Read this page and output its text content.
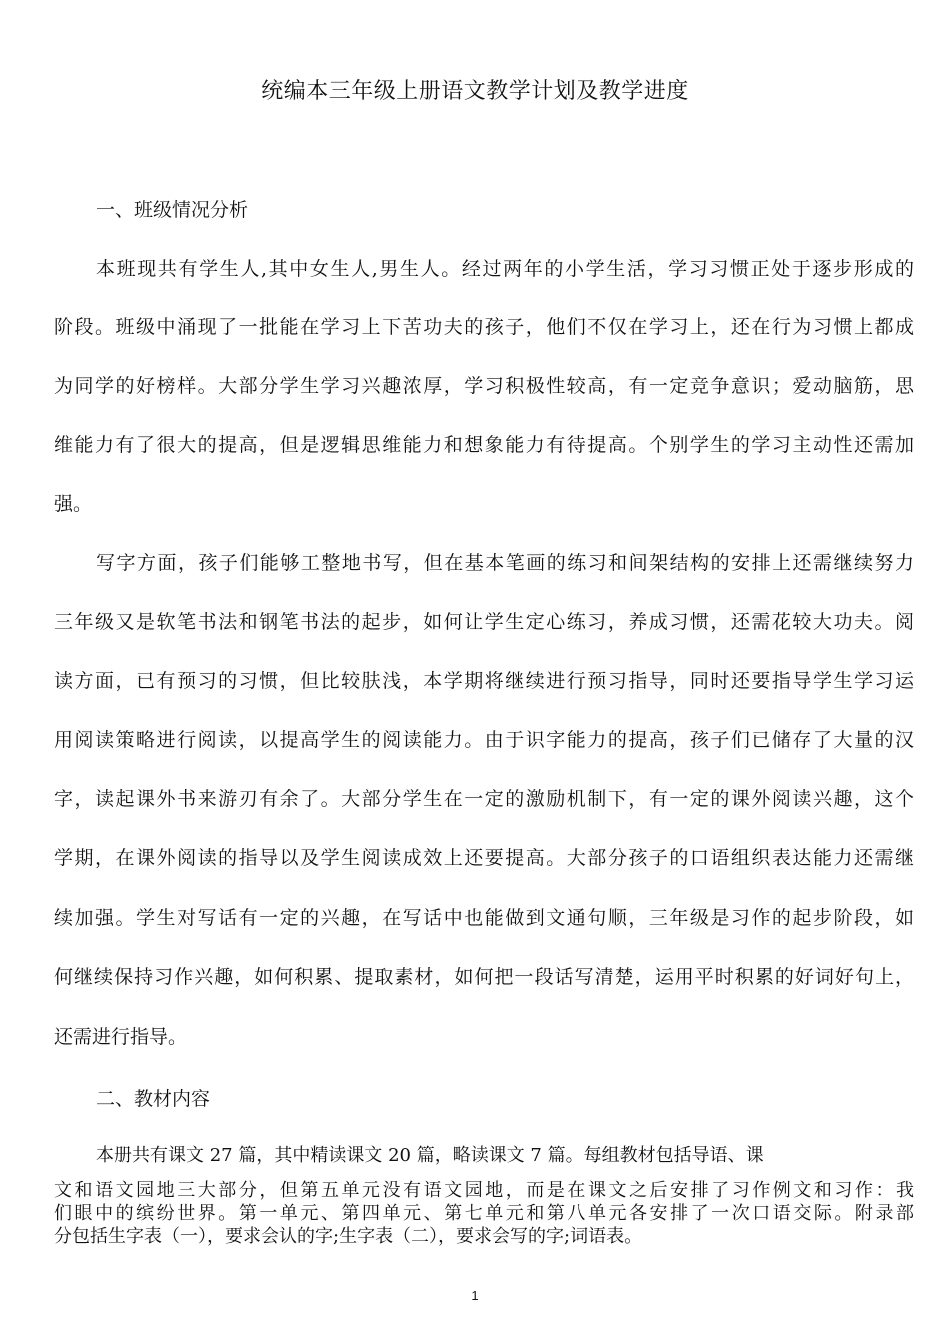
统编本三年级上册语文教学计划及教学进度
一、班级情况分析
本班现共有学生人,其中女生人,男生人。经过两年的小学生活，学习习惯正处于逐步形成的
阶段。班级中涌现了一批能在学习上下苦功夫的孩子，他们不仅在学习上，还在行为习惯上都成
为同学的好榜样。大部分学生学习兴趣浓厚，学习积极性较高，有一定竞争意识；爱动脑筋，思
维能力有了很大的提高，但是逻辑思维能力和想象能力有待提高。个别学生的学习主动性还需加
强。
写字方面，孩子们能够工整地书写，但在基本笔画的练习和间架结构的安排上还需继续努力
三年级又是软笔书法和钢笔书法的起步，如何让学生定心练习，养成习惯，还需花较大功夫。阅
读方面，已有预习的习惯，但比较肤浅，本学期将继续进行预习指导，同时还要指导学生学习运
用阅读策略进行阅读，以提高学生的阅读能力。由于识字能力的提高，孩子们已储存了大量的汉
字，读起课外书来游刃有余了。大部分学生在一定的激励机制下，有一定的课外阅读兴趣，这个
学期，在课外阅读的指导以及学生阅读成效上还要提高。大部分孩子的口语组织表达能力还需继
续加强。学生对写话有一定的兴趣，在写话中也能做到文通句顺，三年级是习作的起步阶段，如
何继续保持习作兴趣，如何积累、提取素材，如何把一段话写清楚，运用平时积累的好词好句上，
还需进行指导。
二、教材内容
本册共有课文 27 篇，其中精读课文 20 篇，略读课文 7 篇。每组教材包括导语、课
文和语文园地三大部分，但第五单元没有语文园地，而是在课文之后安排了习作例文和习作：我
们眼中的缤纷世界。第一单元、第四单元、第七单元和第八单元各安排了一次口语交际。附录部
分包括生字表（一），要求会认的字;生字表（二），要求会写的字;词语表。
1
